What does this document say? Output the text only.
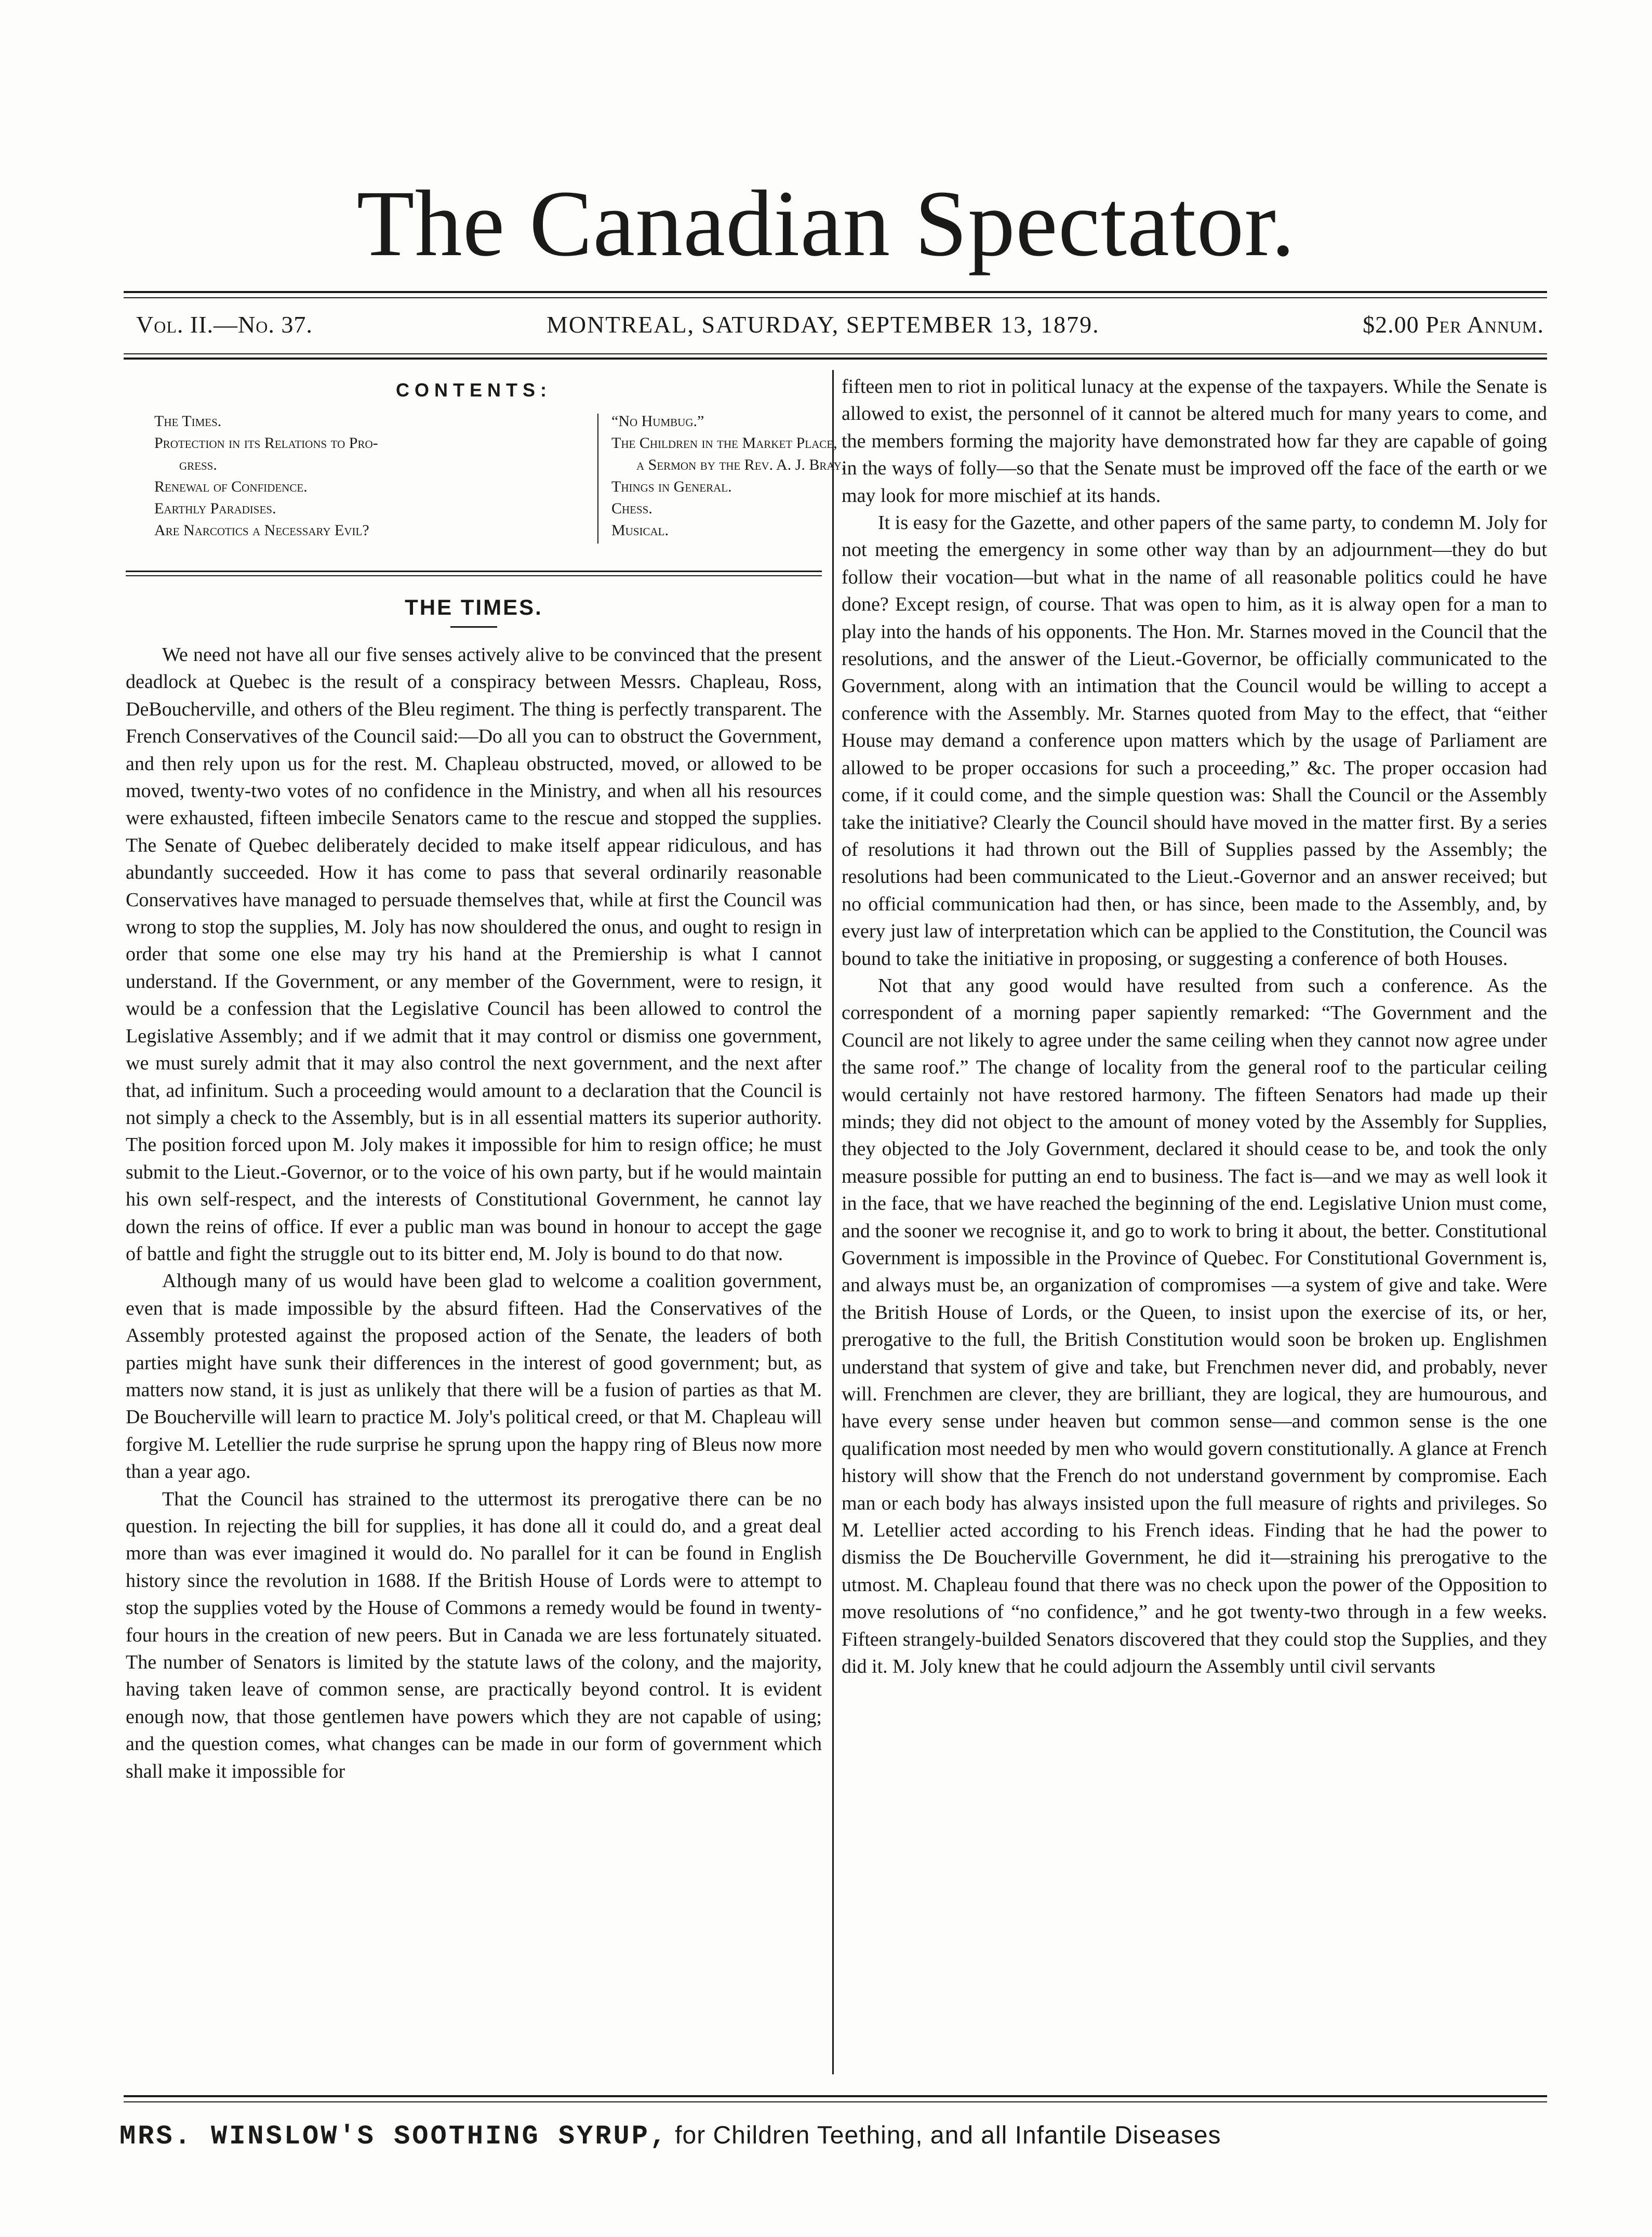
The Canadian Spectator.
Vol. II.—No. 37.	MONTREAL, SATURDAY, SEPTEMBER 13, 1879.	$2.00 Per Annum.
CONTENTS:
The Times.
Protection in its Relations to Pro-
gress.
Renewal of Confidence.
Earthly Paradises.
Are Narcotics a Necessary Evil?
“No Humbug.”
The Children in the Market Place,
a Sermon by the Rev. A. J. Bray.
Things in General.
Chess.
Musical.
THE TIMES.

We need not have all our five senses actively alive to be convinced that the present deadlock at Quebec is the result of a conspiracy between Messrs. Chapleau, Ross, DeBoucherville, and others of the Bleu regiment. The thing is perfectly transparent. The French Conservatives of the Council said:—Do all you can to obstruct the Government, and then rely upon us for the rest. M. Chapleau obstructed, moved, or allowed to be moved, twenty-two votes of no confidence in the Ministry, and when all his resources were exhausted, fifteen imbecile Senators came to the rescue and stopped the supplies. The Senate of Quebec deliberately decided to make itself appear ridiculous, and has abundantly succeeded. How it has come to pass that several ordinarily reasonable Conservatives have managed to persuade themselves that, while at first the Council was wrong to stop the supplies, M. Joly has now shouldered the onus, and ought to resign in order that some one else may try his hand at the Premiership is what I cannot understand. If the Government, or any member of the Government, were to resign, it would be a confession that the Legislative Council has been allowed to control the Legislative Assembly; and if we admit that it may control or dismiss one government, we must surely admit that it may also control the next government, and the next after that, ad infinitum. Such a proceeding would amount to a declaration that the Council is not simply a check to the Assembly, but is in all essential matters its superior authority. The position forced upon M. Joly makes it impossible for him to resign office; he must submit to the Lieut.-Governor, or to the voice of his own party, but if he would maintain his own self-respect, and the interests of Constitutional Government, he cannot lay down the reins of office. If ever a public man was bound in honour to accept the gage of battle and fight the struggle out to its bitter end, M. Joly is bound to do that now.

Although many of us would have been glad to welcome a coalition government, even that is made impossible by the absurd fifteen. Had the Conservatives of the Assembly protested against the proposed action of the Senate, the leaders of both parties might have sunk their differences in the interest of good government; but, as matters now stand, it is just as unlikely that there will be a fusion of parties as that M. De Boucherville will learn to practice M. Joly's political creed, or that M. Chapleau will forgive M. Letellier the rude surprise he sprung upon the happy ring of Bleus now more than a year ago.

That the Council has strained to the uttermost its prerogative there can be no question. In rejecting the bill for supplies, it has done all it could do, and a great deal more than was ever imagined it would do. No parallel for it can be found in English history since the revolution in 1688. If the British House of Lords were to attempt to stop the supplies voted by the House of Commons a remedy would be found in twenty-four hours in the creation of new peers. But in Canada we are less fortunately situated. The number of Senators is limited by the statute laws of the colony, and the majority, having taken leave of common sense, are practically beyond control. It is evident enough now, that those gentlemen have powers which they are not capable of using; and the question comes, what changes can be made in our form of government which shall make it impossible for

fifteen men to riot in political lunacy at the expense of the taxpayers. While the Senate is allowed to exist, the personnel of it cannot be altered much for many years to come, and the members forming the majority have demonstrated how far they are capable of going in the ways of folly—so that the Senate must be improved off the face of the earth or we may look for more mischief at its hands.

It is easy for the Gazette, and other papers of the same party, to condemn M. Joly for not meeting the emergency in some other way than by an adjournment—they do but follow their vocation—but what in the name of all reasonable politics could he have done? Except resign, of course. That was open to him, as it is alway open for a man to play into the hands of his opponents. The Hon. Mr. Starnes moved in the Council that the resolutions, and the answer of the Lieut.-Governor, be officially communicated to the Government, along with an intimation that the Council would be willing to accept a conference with the Assembly. Mr. Starnes quoted from May to the effect, that “either House may demand a conference upon matters which by the usage of Parliament are allowed to be proper occasions for such a proceeding,” &c. The proper occasion had come, if it could come, and the simple question was: Shall the Council or the Assembly take the initiative? Clearly the Council should have moved in the matter first. By a series of resolutions it had thrown out the Bill of Supplies passed by the Assembly; the resolutions had been communicated to the Lieut.-Governor and an answer received; but no official communication had then, or has since, been made to the Assembly, and, by every just law of interpretation which can be applied to the Constitution, the Council was bound to take the initiative in proposing, or suggesting a conference of both Houses.

Not that any good would have resulted from such a conference. As the correspondent of a morning paper sapiently remarked: “The Government and the Council are not likely to agree under the same ceiling when they cannot now agree under the same roof.” The change of locality from the general roof to the particular ceiling would certainly not have restored harmony. The fifteen Senators had made up their minds; they did not object to the amount of money voted by the Assembly for Supplies, they objected to the Joly Government, declared it should cease to be, and took the only measure possible for putting an end to business. The fact is—and we may as well look it in the face, that we have reached the beginning of the end. Legislative Union must come, and the sooner we recognise it, and go to work to bring it about, the better. Constitutional Government is impossible in the Province of Quebec. For Constitutional Government is, and always must be, an organization of compromises —a system of give and take. Were the British House of Lords, or the Queen, to insist upon the exercise of its, or her, prerogative to the full, the British Constitution would soon be broken up. Englishmen understand that system of give and take, but Frenchmen never did, and probably, never will. Frenchmen are clever, they are brilliant, they are logical, they are humourous, and have every sense under heaven but common sense—and common sense is the one qualification most needed by men who would govern constitutionally. A glance at French history will show that the French do not understand government by compromise. Each man or each body has always insisted upon the full measure of rights and privileges. So M. Letellier acted according to his French ideas. Finding that he had the power to dismiss the De Boucherville Government, he did it—straining his prerogative to the utmost. M. Chapleau found that there was no check upon the power of the Opposition to move resolutions of “no confidence,” and he got twenty-two through in a few weeks. Fifteen strangely-builded Senators discovered that they could stop the Supplies, and they did it. M. Joly knew that he could adjourn the Assembly until civil servants

MRS. WINSLOW'S SOOTHING SYRUP, for Children Teething, and all Infantile Diseases
